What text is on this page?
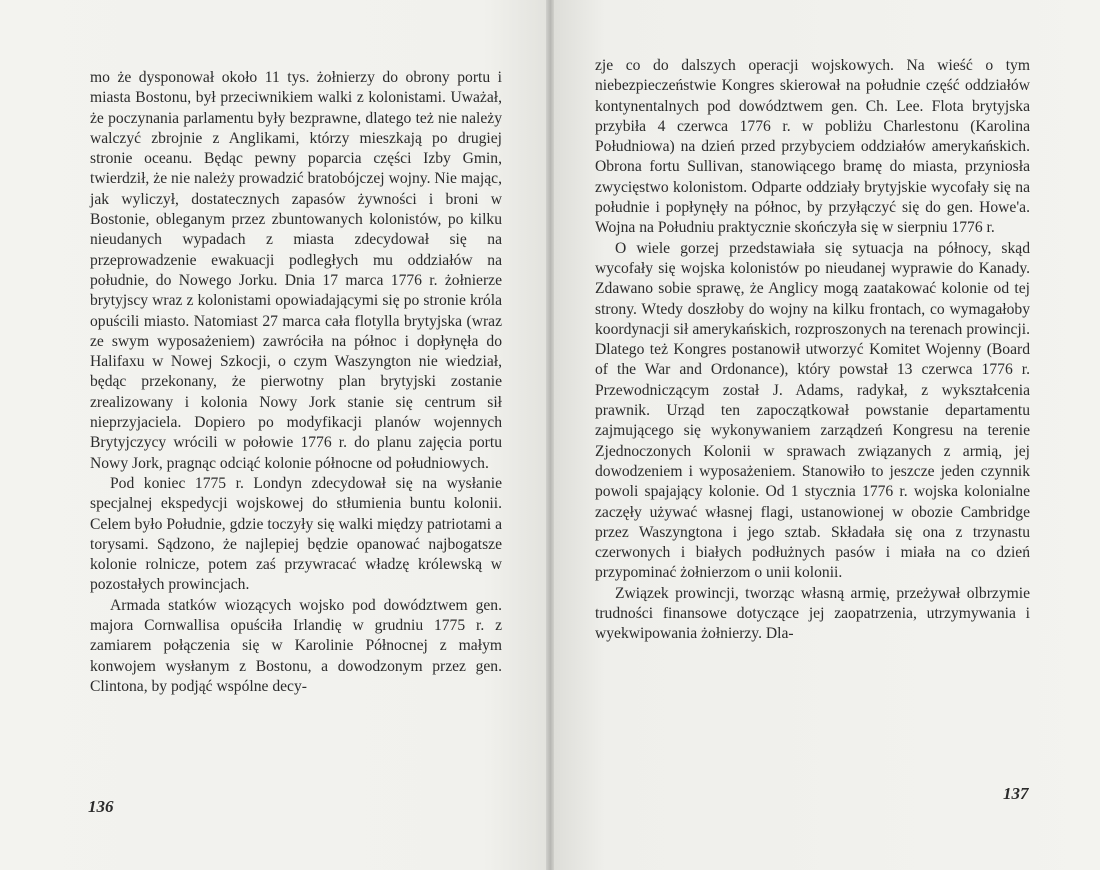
mo że dysponował około 11 tys. żołnierzy do obrony portu i miasta Bostonu, był przeciwnikiem walki z kolonistami. Uważał, że poczynania parlamentu były bezprawne, dlatego też nie należy walczyć zbrojnie z Anglikami, którzy mieszkają po drugiej stronie oceanu. Będąc pewny poparcia części Izby Gmin, twierdził, że nie należy prowadzić bratobójczej wojny. Nie mając, jak wyliczył, dostatecznych zapasów żywności i broni w Bostonie, obleganym przez zbuntowanych kolonistów, po kilku nieudanych wypadach z miasta zdecydował się na przeprowadzenie ewakuacji podległych mu oddziałów na południe, do Nowego Jorku. Dnia 17 marca 1776 r. żołnierze brytyjscy wraz z kolonistami opowiadającymi się po stronie króla opuścili miasto. Natomiast 27 marca cała flotylla brytyjska (wraz ze swym wyposażeniem) zawróciła na północ i dopłynęła do Halifaxu w Nowej Szkocji, o czym Waszyngton nie wiedział, będąc przekonany, że pierwotny plan brytyjski zostanie zrealizowany i kolonia Nowy Jork stanie się centrum sił nieprzyjaciela. Dopiero po modyfikacji planów wojennych Brytyjczycy wrócili w połowie 1776 r. do planu zajęcia portu Nowy Jork, pragnąc odciąć kolonie północne od południowych.

Pod koniec 1775 r. Londyn zdecydował się na wysłanie specjalnej ekspedycji wojskowej do stłumienia buntu kolonii. Celem było Południe, gdzie toczyły się walki między patriotami a torysami. Sądzono, że najlepiej będzie opanować najbogatsze kolonie rolnicze, potem zaś przywracać władzę królewską w pozostałych prowincjach.

Armada statków wiozących wojsko pod dowództwem gen. majora Cornwallisa opuściła Irlandię w grudniu 1775 r. z zamiarem połączenia się w Karolinie Północnej z małym konwojem wysłanym z Bostonu, a dowodzonym przez gen. Clintona, by podjąć wspólne decy-

136

zje co do dalszych operacji wojskowych. Na wieść o tym niebezpieczeństwie Kongres skierował na południe część oddziałów kontynentalnych pod dowództwem gen. Ch. Lee. Flota brytyjska przybiła 4 czerwca 1776 r. w pobliżu Charlestonu (Karolina Południowa) na dzień przed przybyciem oddziałów amerykańskich. Obrona fortu Sullivan, stanowiącego bramę do miasta, przyniosła zwycięstwo kolonistom. Odparte oddziały brytyjskie wycofały się na południe i popłynęły na północ, by przyłączyć się do gen. Howe'a. Wojna na Południu praktycznie skończyła się w sierpniu 1776 r.

O wiele gorzej przedstawiała się sytuacja na północy, skąd wycofały się wojska kolonistów po nieudanej wyprawie do Kanady. Zdawano sobie sprawę, że Anglicy mogą zaatakować kolonie od tej strony. Wtedy doszłoby do wojny na kilku frontach, co wymagałoby koordynacji sił amerykańskich, rozproszonych na terenach prowincji. Dlatego też Kongres postanowił utworzyć Komitet Wojenny (Board of the War and Ordonance), który powstał 13 czerwca 1776 r. Przewodniczącym został J. Adams, radykał, z wykształcenia prawnik. Urząd ten zapoczątkował powstanie departamentu zajmującego się wykonywaniem zarządzeń Kongresu na terenie Zjednoczonych Kolonii w sprawach związanych z armią, jej dowodzeniem i wyposażeniem. Stanowiło to jeszcze jeden czynnik powoli spajający kolonie. Od 1 stycznia 1776 r. wojska kolonialne zaczęły używać własnej flagi, ustanowionej w obozie Cambridge przez Waszyngtona i jego sztab. Składała się ona z trzynastu czerwonych i białych podłużnych pasów i miała na co dzień przypominać żołnierzom o unii kolonii.

Związek prowincji, tworząc własną armię, przeżywał olbrzymie trudności finansowe dotyczące jej zaopatrzenia, utrzymywania i wyekwipowania żołnierzy. Dla-

137
